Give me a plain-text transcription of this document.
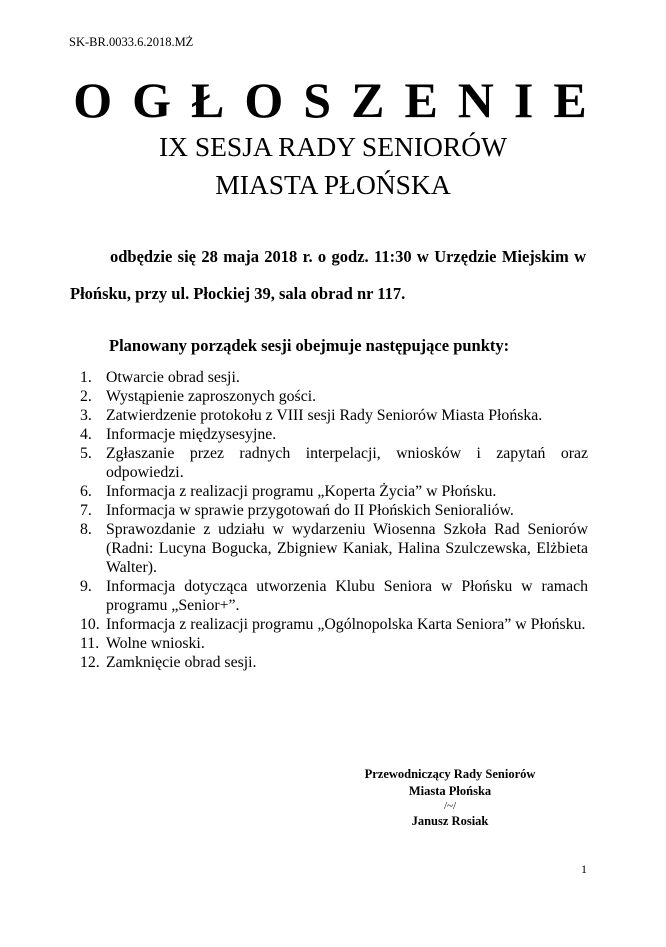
SK-BR.0033.6.2018.MŻ
OGŁOSZENIE
IX SESJA RADY SENIORÓW
MIASTA PŁOŃSKA
odbędzie się 28 maja 2018 r. o godz. 11:30 w Urzędzie Miejskim w Płońsku, przy ul. Płockiej 39, sala obrad nr 117.
Planowany porządek sesji obejmuje następujące punkty:
1. Otwarcie obrad sesji.
2. Wystąpienie zaproszonych gości.
3. Zatwierdzenie protokołu z VIII sesji Rady Seniorów Miasta Płońska.
4. Informacje międzysesyjne.
5. Zgłaszanie przez radnych interpelacji, wniosków i zapytań oraz odpowiedzi.
6. Informacja z realizacji programu „Koperta Życia” w Płońsku.
7. Informacja w sprawie przygotowań do II Płońskich Senioraliów.
8. Sprawozdanie z udziału w wydarzeniu Wiosenna Szkoła Rad Seniorów (Radni: Lucyna Bogucka, Zbigniew Kaniak, Halina Szulczewska, Elżbieta Walter).
9. Informacja dotycząca utworzenia Klubu Seniora w Płońsku w ramach programu „Senior+”.
10. Informacja z realizacji programu „Ogólnopolska Karta Seniora” w Płońsku.
11. Wolne wnioski.
12. Zamknięcie obrad sesji.
Przewodniczący Rady Seniorów
Miasta Płońska
/~/
Janusz Rosiak
1
